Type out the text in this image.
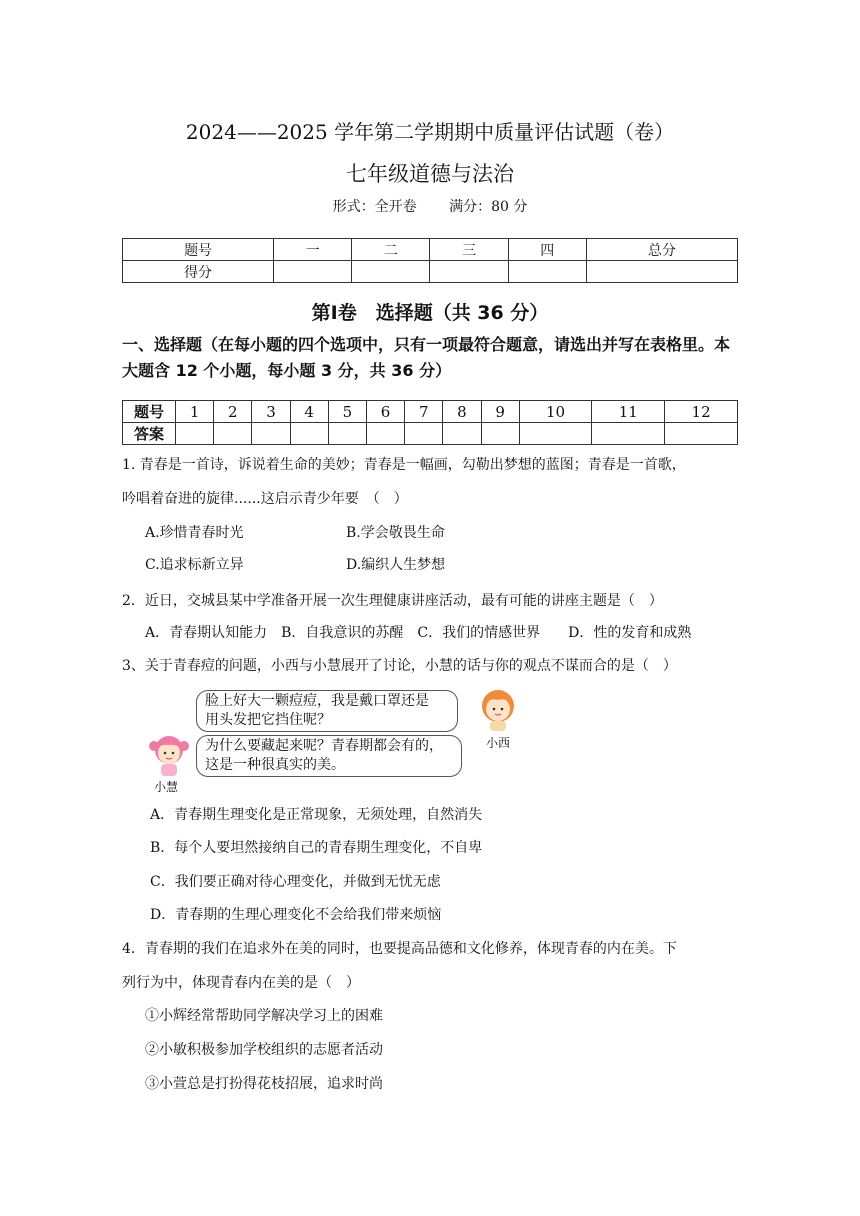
2024——2025 学年第二学期期中质量评估试题（卷）
七年级道德与法治
形式：全开卷 满分：80 分
题号	一	二	三	四	总分
得分					
第Ⅰ卷　选择题（共 36 分）
一、选择题（在每小题的四个选项中，只有一项最符合题意，请选出并写在表格里。本大题含 12 个小题，每小题 3 分，共 36 分）
题号	1	2	3	4	5	6	7	8	9	10	11	12
答案												
1. 青春是一首诗，诉说着生命的美妙；青春是一幅画，勾勒出梦想的蓝图；青春是一首歌，
吟唱着奋进的旋律......这启示青少年要　（　）
A.珍惜青春时光	B.学会敬畏生命
C.追求标新立异	D.编织人生梦想
2．近日，交城县某中学准备开展一次生理健康讲座活动，最有可能的讲座主题是（　）
A．青春期认知能力　B．自我意识的苏醒　C．我们的情感世界　　D．性的发育和成熟
3、关于青春痘的问题，小西与小慧展开了讨论，小慧的话与你的观点不谋而合的是（　）
脸上好大一颗痘痘，我是戴口罩还是
用头发把它挡住呢？
为什么要藏起来呢？青春期都会有的，
这是一种很真实的美。
小西
小慧
A．青春期生理变化是正常现象，无须处理，自然消失
B．每个人要坦然接纳自己的青春期生理变化，不自卑
C．我们要正确对待心理变化，并做到无忧无虑
D．青春期的生理心理变化不会给我们带来烦恼
4．青春期的我们在追求外在美的同时，也要提高品德和文化修养，体现青春的内在美。下
列行为中，体现青春内在美的是（　）
①小辉经常帮助同学解决学习上的困难
②小敏积极参加学校组织的志愿者活动
③小萱总是打扮得花枝招展，追求时尚
